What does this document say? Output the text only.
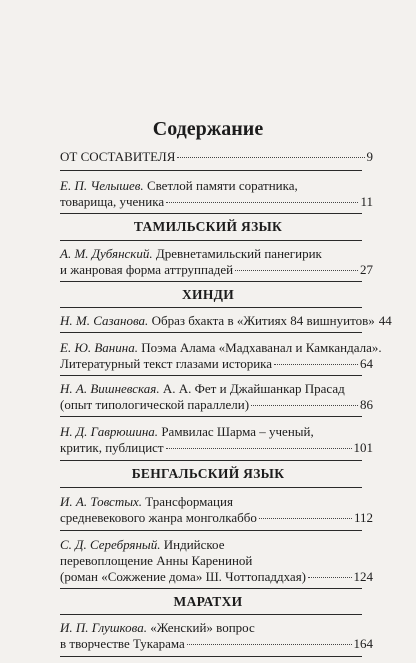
Содержание
ОТ СОСТАВИТЕЛЯ	9
Е. П. Челышев. Светлой памяти соратника,
товарища, ученика	11
ТАМИЛЬСКИЙ ЯЗЫК
А. М. Дубянский. Древнетамильский панегирик
и жанровая форма аттруппадей	27
ХИНДИ
Н. М. Сазанова. Образ бхакта в «Житиях 84 вишнуитов» 44
Е. Ю. Ванина. Поэма Алама «Мадхаванал и Камкандала».
Литературный текст глазами историка	64
Н. А. Вишневская. А. А. Фет и Джайшанкар Прасад
(опыт типологической параллели)	86
Н. Д. Гаврюшина. Рамвилас Шарма – ученый,
критик, публицист	101
БЕНГАЛЬСКИЙ ЯЗЫК
И. А. Товстых. Трансформация
средневекового жанра монголкаббо	112
С. Д. Серебряный. Индийское
перевоплощение Анны Карениной
(роман «Сожжение дома» Ш. Чоттопаддхая)	124
МАРАТХИ
И. П. Глушкова. «Женский» вопрос
в творчестве Тукарама	164
